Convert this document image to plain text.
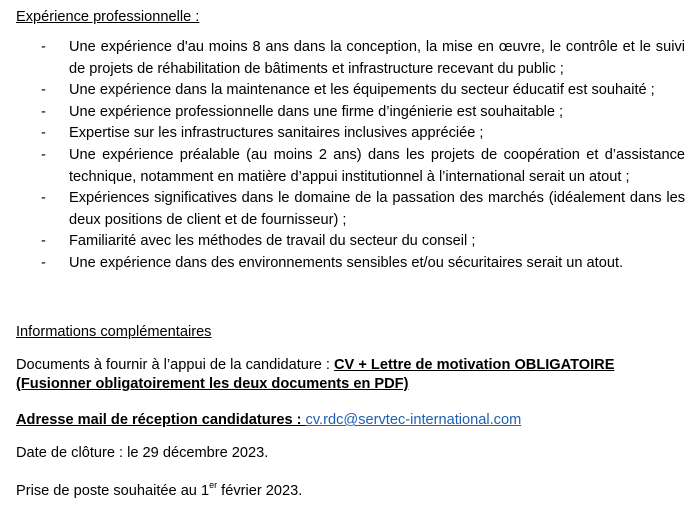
Expérience professionnelle :
- Une expérience d'au moins 8 ans dans la conception, la mise en œuvre, le contrôle et le suivi de projets de réhabilitation de bâtiments et infrastructure recevant du public ;
- Une expérience dans la maintenance et les équipements du secteur éducatif est souhaité ;
- Une expérience professionnelle dans une firme d’ingénierie est souhaitable ;
- Expertise sur les infrastructures sanitaires inclusives appréciée ;
- Une expérience préalable (au moins 2 ans) dans les projets de coopération et d’assistance technique, notamment en matière d’appui institutionnel à l’international serait un atout ;
- Expériences significatives dans le domaine de la passation des marchés (idéalement dans les deux positions de client et de fournisseur) ;
- Familiarité avec les méthodes de travail du secteur du conseil ;
- Une expérience dans des environnements sensibles et/ou sécuritaires serait un atout.
Informations complémentaires
Documents à fournir à l’appui de la candidature : CV + Lettre de motivation OBLIGATOIRE
(Fusionner obligatoirement les deux documents en PDF)
Adresse mail de réception candidatures : cv.rdc@servtec-international.com
Date de clôture : le 29 décembre 2023.
Prise de poste souhaitée au 1er février 2023.
